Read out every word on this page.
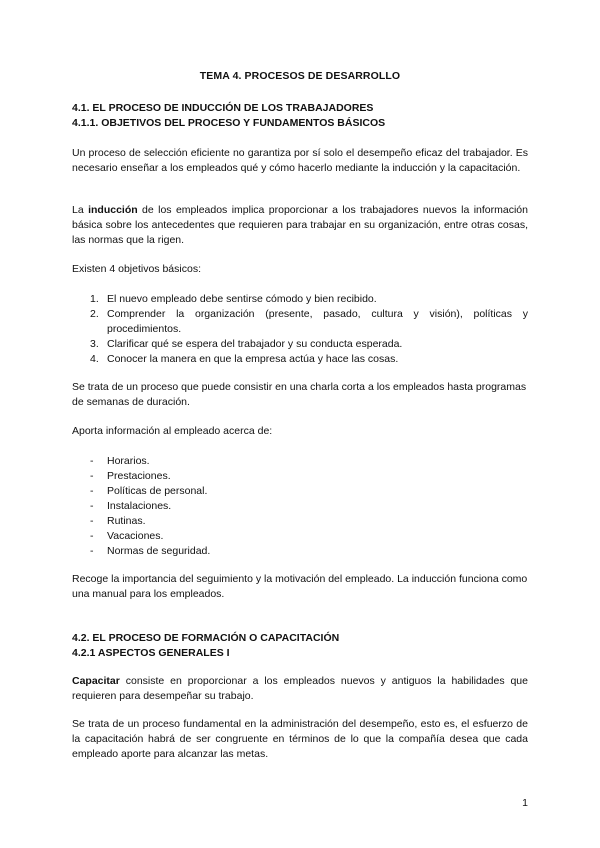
TEMA 4. PROCESOS DE DESARROLLO
4.1. EL PROCESO DE INDUCCIÓN DE LOS TRABAJADORES
4.1.1. OBJETIVOS DEL PROCESO Y FUNDAMENTOS BÁSICOS

Un proceso de selección eficiente no garantiza por sí solo el desempeño eficaz del trabajador. Es necesario enseñar a los empleados qué y cómo hacerlo mediante la inducción y la capacitación.

La inducción de los empleados implica proporcionar a los trabajadores nuevos la información básica sobre los antecedentes que requieren para trabajar en su organización, entre otras cosas, las normas que la rigen.

Existen 4 objetivos básicos:

1. El nuevo empleado debe sentirse cómodo y bien recibido.
2. Comprender la organización (presente, pasado, cultura y visión), políticas y procedimientos.
3. Clarificar qué se espera del trabajador y su conducta esperada.
4. Conocer la manera en que la empresa actúa y hace las cosas.

Se trata de un proceso que puede consistir en una charla corta a los empleados hasta programas de semanas de duración.

Aporta información al empleado acerca de:

- Horarios.
- Prestaciones.
- Políticas de personal.
- Instalaciones.
- Rutinas.
- Vacaciones.
- Normas de seguridad.

Recoge la importancia del seguimiento y la motivación del empleado. La inducción funciona como una manual para los empleados.

4.2. EL PROCESO DE FORMACIÓN O CAPACITACIÓN
4.2.1 ASPECTOS GENERALES I

Capacitar consiste en proporcionar a los empleados nuevos y antiguos la habilidades que requieren para desempeñar su trabajo.

Se trata de un proceso fundamental en la administración del desempeño, esto es, el esfuerzo de la capacitación habrá de ser congruente en términos de lo que la compañía desea que cada empleado aporte para alcanzar las metas.

1
